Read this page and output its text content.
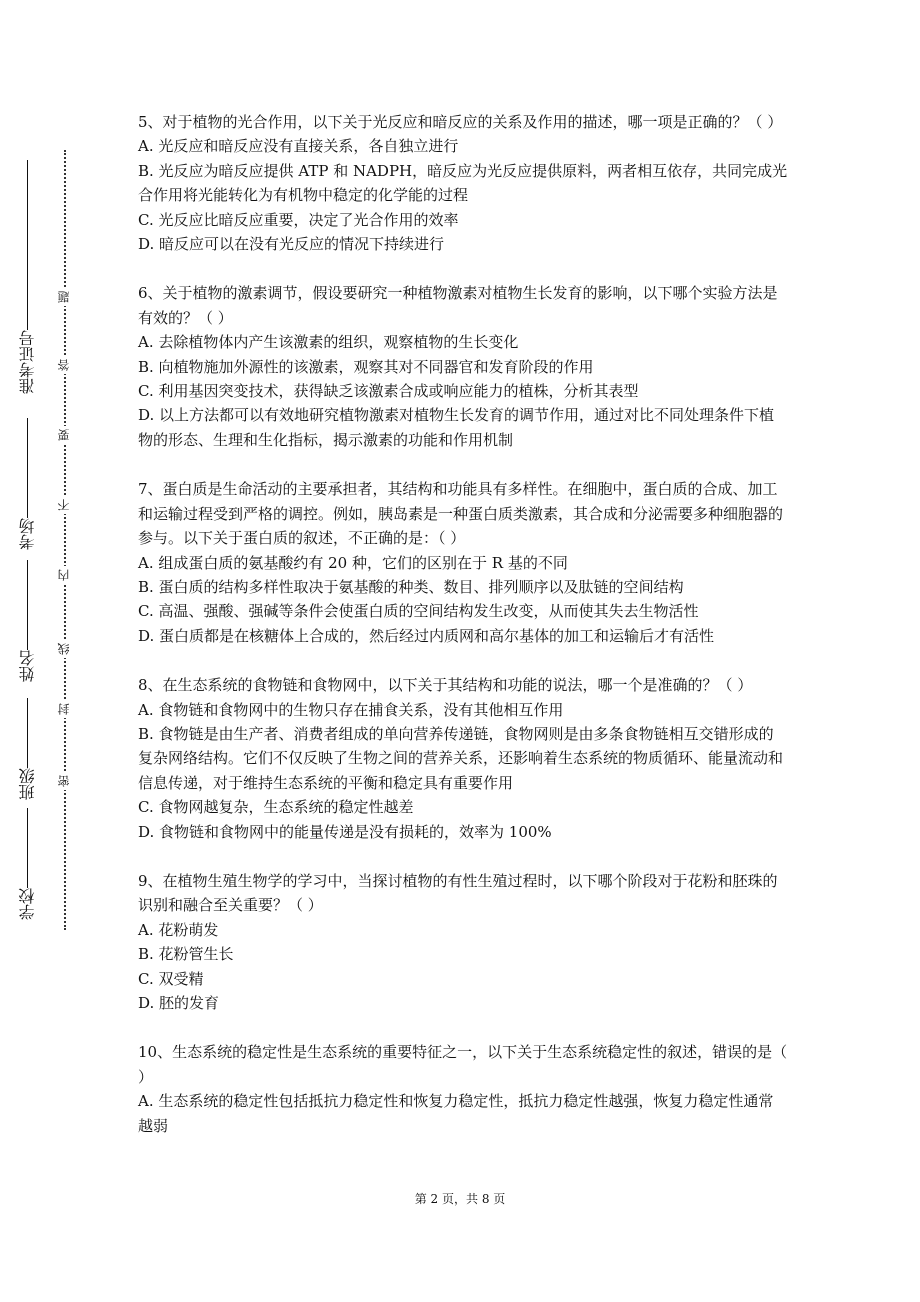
学校
班级
姓名
考场
准考证号
密
封
线
内
不
要
答
题

5、对于植物的光合作用，以下关于光反应和暗反应的关系及作用的描述，哪一项是正确的？（ ）

A. 光反应和暗反应没有直接关系，各自独立进行

B. 光反应为暗反应提供 ATP 和 NADPH，暗反应为光反应提供原料，两者相互依存，共同完成光合作用将光能转化为有机物中稳定的化学能的过程

C. 光反应比暗反应重要，决定了光合作用的效率

D. 暗反应可以在没有光反应的情况下持续进行

6、关于植物的激素调节，假设要研究一种植物激素对植物生长发育的影响，以下哪个实验方法是有效的？（ ）

A. 去除植物体内产生该激素的组织，观察植物的生长变化

B. 向植物施加外源性的该激素，观察其对不同器官和发育阶段的作用

C. 利用基因突变技术，获得缺乏该激素合成或响应能力的植株，分析其表型

D. 以上方法都可以有效地研究植物激素对植物生长发育的调节作用，通过对比不同处理条件下植物的形态、生理和生化指标，揭示激素的功能和作用机制

7、蛋白质是生命活动的主要承担者，其结构和功能具有多样性。在细胞中，蛋白质的合成、加工和运输过程受到严格的调控。例如，胰岛素是一种蛋白质类激素，其合成和分泌需要多种细胞器的参与。以下关于蛋白质的叙述，不正确的是：（ ）

A. 组成蛋白质的氨基酸约有 20 种，它们的区别在于 R 基的不同

B. 蛋白质的结构多样性取决于氨基酸的种类、数目、排列顺序以及肽链的空间结构

C. 高温、强酸、强碱等条件会使蛋白质的空间结构发生改变，从而使其失去生物活性

D. 蛋白质都是在核糖体上合成的，然后经过内质网和高尔基体的加工和运输后才有活性

8、在生态系统的食物链和食物网中，以下关于其结构和功能的说法，哪一个是准确的？（ ）

A. 食物链和食物网中的生物只存在捕食关系，没有其他相互作用

B. 食物链是由生产者、消费者组成的单向营养传递链，食物网则是由多条食物链相互交错形成的复杂网络结构。它们不仅反映了生物之间的营养关系，还影响着生态系统的物质循环、能量流动和信息传递，对于维持生态系统的平衡和稳定具有重要作用

C. 食物网越复杂，生态系统的稳定性越差

D. 食物链和食物网中的能量传递是没有损耗的，效率为 100%

9、在植物生殖生物学的学习中，当探讨植物的有性生殖过程时，以下哪个阶段对于花粉和胚珠的识别和融合至关重要？（ ）

A. 花粉萌发

B. 花粉管生长

C. 双受精

D. 胚的发育

10、生态系统的稳定性是生态系统的重要特征之一，以下关于生态系统稳定性的叙述，错误的是（ ）

A. 生态系统的稳定性包括抵抗力稳定性和恢复力稳定性，抵抗力稳定性越强，恢复力稳定性通常越弱

第 2 页，共 8 页
